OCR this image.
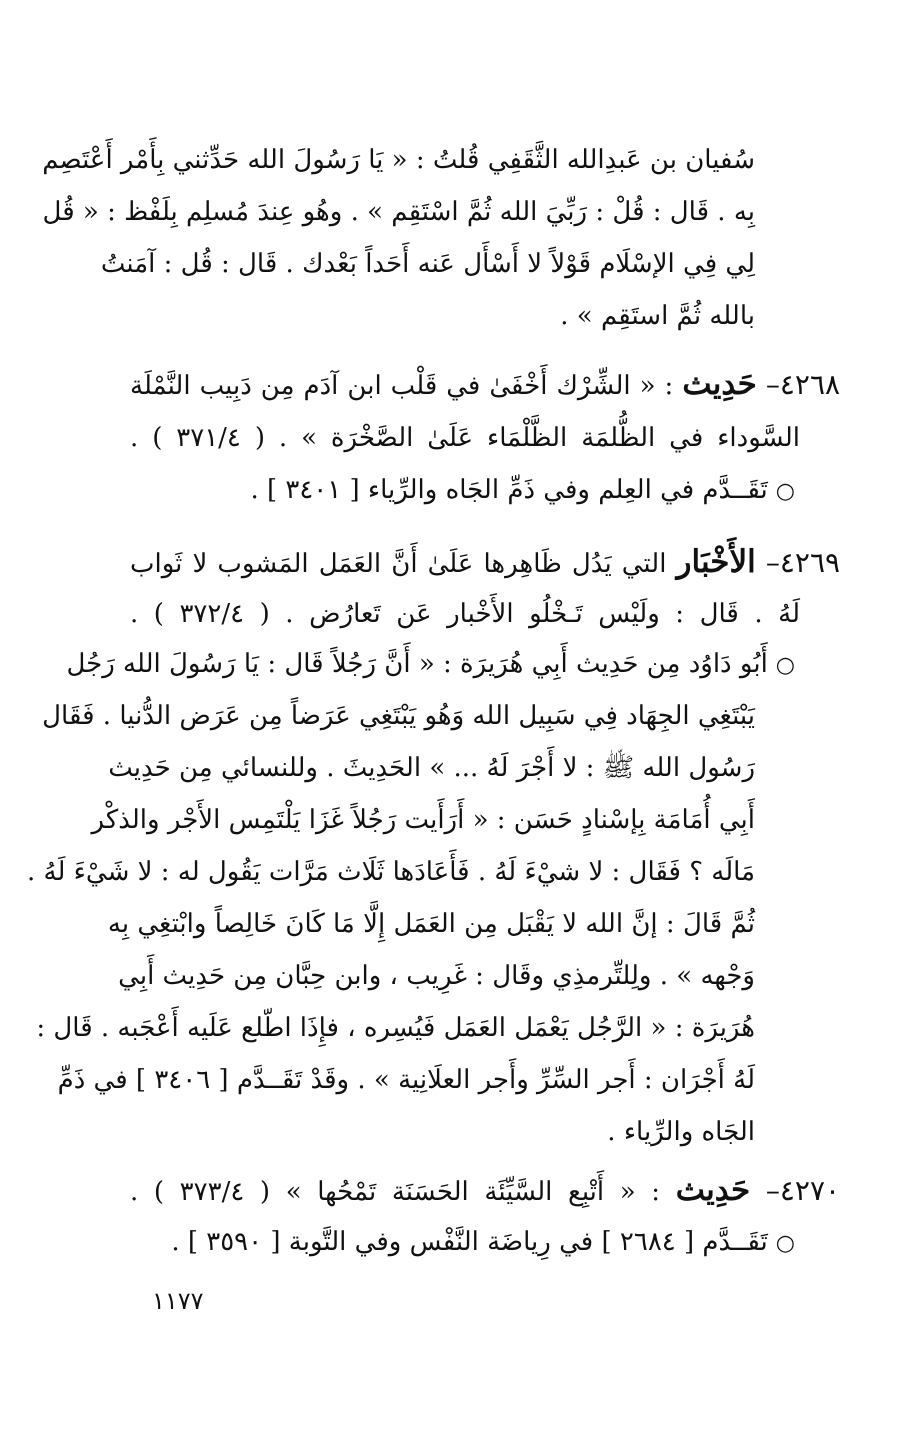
سُفيان بن عَبدِالله الثَّقَفِي قُلتُ : « يَا رَسُولَ الله حَدِّثني بِأَمْر أَعْتَصِم
بِه . قَال : قُلْ : رَبِّيَ الله ثُمَّ اسْتَقِم » . وهُو عِندَ مُسلِم بِلَفْظ : « قُل
لِي فِي الإسْلَام قَوْلاً لا أَسْأَل عَنه أَحَداً بَعْدك . قَال : قُل : آمَنتُ
بالله ثُمَّ استَقِم » .
٤٢٦٨– حَدِيث : « الشِّرْك أَخْفَىٰ في قَلْب ابن آدَم مِن دَبِيب النَّمْلَة
السَّوداء في الظُّلمَة الظَّلْمَاء عَلَىٰ الصَّخْرَة » . ( ٣٧١/٤ ) .
○تَقَــدَّم في العِلم وفي ذَمِّ الجَاه والرِّياء [ ٣٤٠١ ] .
٤٢٦٩– الأَخْبَار التي يَدُل ظَاهِرها عَلَىٰ أَنَّ العَمَل المَشوب لا ثَواب
لَهُ . قَال : ولَيْس تَـخْلُو الأَخْبار عَن تَعارُض . ( ٣٧٢/٤ ) .
○أَبُو دَاوُد مِن حَدِيث أَبِي هُرَيرَة : « أَنَّ رَجُلاً قَال : يَا رَسُولَ الله رَجُل
يَبْتَغِي الجِهَاد فِي سَبِيل الله وَهُو يَبْتَغِي عَرَضاً مِن عَرَض الدُّنيا . فَقَال
رَسُول الله ﷺ : لا أَجْرَ لَهُ ... » الحَدِيثَ . وللنسائي مِن حَدِيث
أَبِي أُمَامَة بِإسْنادٍ حَسَن : « أَرَأَيت رَجُلاً غَزَا يَلْتَمِس الأَجْر والذكْر
مَالَه ؟ فَقَال : لا شيْءَ لَهُ . فَأَعَادَها ثَلَاث مَرَّات يَقُول له : لا شَيْءَ لَهُ .
ثُمَّ قَالَ : إنَّ الله لا يَقْبَل مِن العَمَل إِلَّا مَا كَانَ خَالِصاً وابْتغِي بِه
وَجْهه » . ولِلتِّرمذِي وقَال : غَرِيب ، وابن حِبَّان مِن حَدِيث أَبِي
هُرَيرَة : « الرَّجُل يَعْمَل العَمَل فَيُسِره ، فإِذَا اطّلع عَلَيه أَعْجَبه . قَال :
لَهُ أَجْرَان : أَجر السِّرِّ وأَجر العلَانِية » . وقَدْ تَقَــدَّم [ ٣٤٠٦ ] في ذَمِّ
الجَاه والرِّياء .
٤٢٧٠– حَدِيث : « أَتْبِع السَّيِّئَة الحَسَنَة تَمْحُها » ( ٣٧٣/٤ ) .
○تَقَــدَّم [ ٢٦٨٤ ] في رِياضَة النَّفْس وفي التَّوبة [ ٣٥٩٠ ] .
١١٧٧
